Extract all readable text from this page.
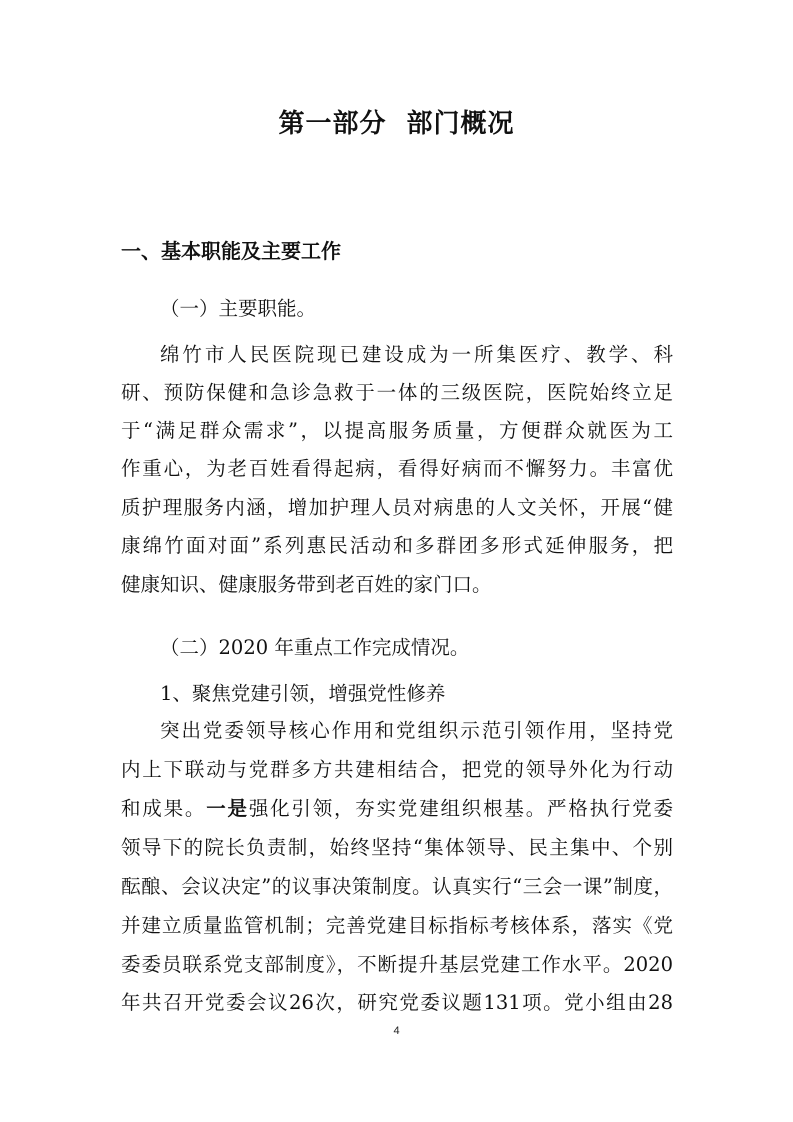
第一部分  部门概况
一、基本职能及主要工作
（一）主要职能。
绵竹市人民医院现已建设成为一所集医疗、教学、科
研、预防保健和急诊急救于一体的三级医院，医院始终立足
于“满足群众需求”，以提高服务质量，方便群众就医为工
作重心，为老百姓看得起病，看得好病而不懈努力。丰富优
质护理服务内涵，增加护理人员对病患的人文关怀，开展“健
康绵竹面对面”系列惠民活动和多群团多形式延伸服务，把
健康知识、健康服务带到老百姓的家门口。
（二）2020 年重点工作完成情况。
1、聚焦党建引领，增强党性修养
突出党委领导核心作用和党组织示范引领作用，坚持党
内上下联动与党群多方共建相结合，把党的领导外化为行动
和成果。一是强化引领，夯实党建组织根基。严格执行党委
领导下的院长负责制，始终坚持“集体领导、民主集中、个别
酝酿、会议决定”的议事决策制度。认真实行“三会一课”制度，
并建立质量监管机制；完善党建目标指标考核体系，落实《党
委委员联系党支部制度》，不断提升基层党建工作水平。2020
年共召开党委会议26次，研究党委议题131项。党小组由28
4
